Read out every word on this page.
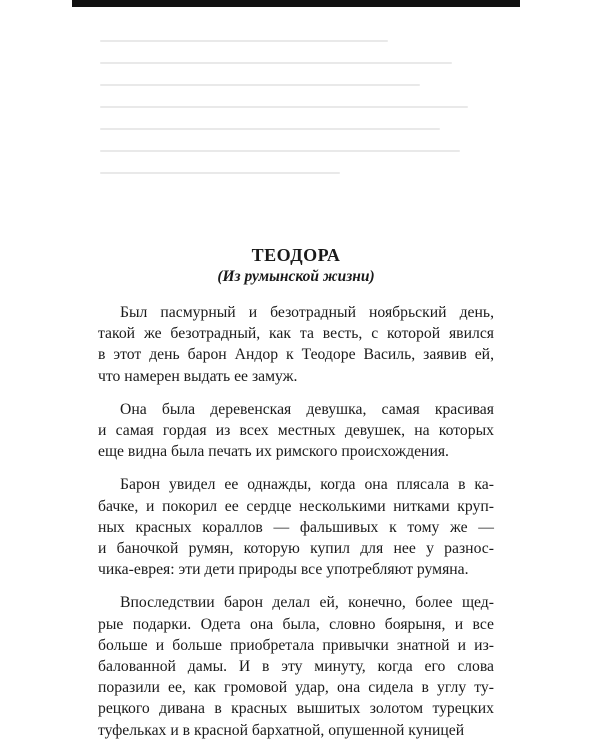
ТЕОДОРА
(Из румынской жизни)
Был пасмурный и безотрадный ноябрьский день,
такой же безотрадный, как та весть, с которой явился
в этот день барон Андор к Теодоре Василь, заявив ей,
что намерен выдать ее замуж.
Она была деревенская девушка, самая красивая
и самая гордая из всех местных девушек, на которых
еще видна была печать их римского происхождения.
Барон увидел ее однажды, когда она плясала в ка-
бачке, и покорил ее сердце несколькими нитками круп-
ных красных кораллов — фальшивых к тому же —
и баночкой румян, которую купил для нее у разнос-
чика-еврея: эти дети природы все употребляют румяна.
Впоследствии барон делал ей, конечно, более щед-
рые подарки. Одета она была, словно боярыня, и все
больше и больше приобретала привычки знатной и из-
балованной дамы. И в эту минуту, когда его слова
поразили ее, как громовой удар, она сидела в углу ту-
рецкого дивана в красных вышитых золотом турецких
туфельках и в красной бархатной, опушенной куницей
